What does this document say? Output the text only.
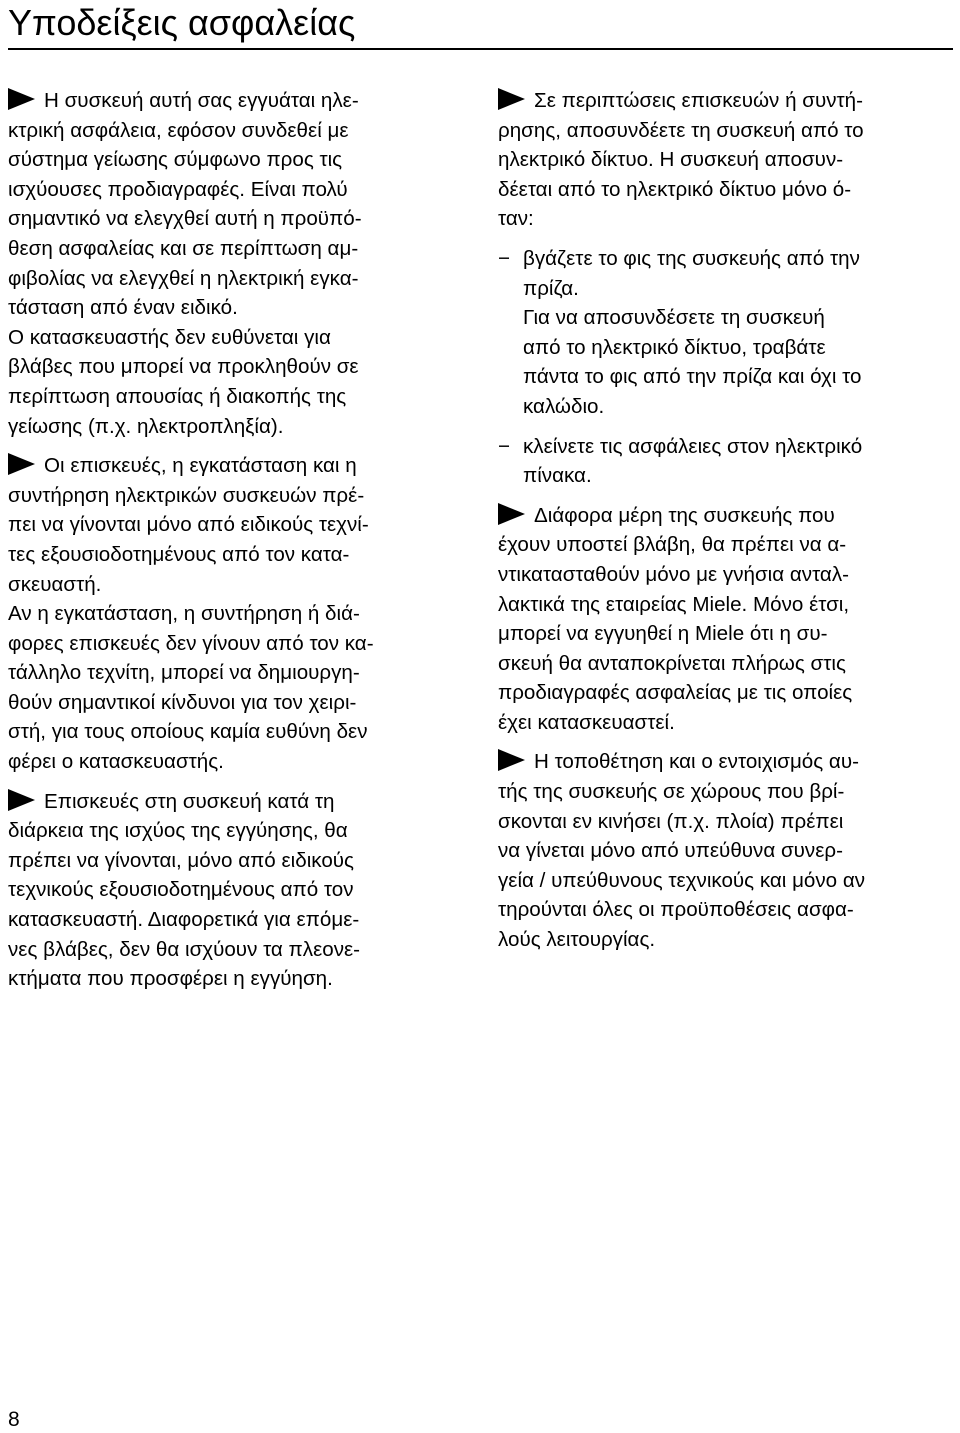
Υποδείξεις ασφαλείας

Η συσκευή αυτή σας εγγυάται ηλε-
κτρική ασφάλεια, εφόσον συνδεθεί με
σύστημα γείωσης σύμφωνο προς τις
ισχύουσες προδιαγραφές. Είναι πολύ
σημαντικό να ελεγχθεί αυτή η προϋπό-
θεση ασφαλείας και σε περίπτωση αμ-
φιβολίας να ελεγχθεί η ηλεκτρική εγκα-
τάσταση από έναν ειδικό.
Ο κατασκευαστής δεν ευθύνεται για
βλάβες που μπορεί να προκληθούν σε
περίπτωση απουσίας ή διακοπής της
γείωσης (π.χ. ηλεκτροπληξία).

Οι επισκευές, η εγκατάσταση και η
συντήρηση ηλεκτρικών συσκευών πρέ-
πει να γίνονται μόνο από ειδικούς τεχνί-
τες εξουσιοδοτημένους από τον κατα-
σκευαστή.

Αν η εγκατάσταση, η συντήρηση ή διά-
φορες επισκευές δεν γίνουν από τον κα-
τάλληλο τεχνίτη, μπορεί να δημιουργη-
θούν σημαντικοί κίνδυνοι για τον χειρι-
στή, για τους οποίους καμία ευθύνη δεν
φέρει ο κατασκευαστής.

Επισκευές στη συσκευή κατά τη
διάρκεια της ισχύος της εγγύησης, θα
πρέπει να γίνονται, μόνο από ειδικούς
τεχνικούς εξουσιοδοτημένους από τον
κατασκευαστή. Διαφορετικά για επόμε-
νες βλάβες, δεν θα ισχύουν τα πλεονε-
κτήματα που προσφέρει η εγγύηση.

Σε περιπτώσεις επισκευών ή συντή-
ρησης, αποσυνδέετε τη συσκευή από το
ηλεκτρικό δίκτυο. Η συσκευή αποσυν-
δέεται από το ηλεκτρικό δίκτυο μόνο ό-
ταν:

− βγάζετε το φις της συσκευής από την
πρίζα.
Για να αποσυνδέσετε τη συσκευή
από το ηλεκτρικό δίκτυο, τραβάτε
πάντα το φις από την πρίζα και όχι το
καλώδιο.
− κλείνετε τις ασφάλειες στον ηλεκτρικό
πίνακα.

Διάφορα μέρη της συσκευής που
έχουν υποστεί βλάβη, θα πρέπει να α-
ντικατασταθούν μόνο με γνήσια ανταλ-
λακτικά της εταιρείας Miele. Μόνο έτσι,
μπορεί να εγγυηθεί η Miele ότι η συ-
σκευή θα ανταποκρίνεται πλήρως στις
προδιαγραφές ασφαλείας με τις οποίες
έχει κατασκευαστεί.

Η τοποθέτηση και ο εντοιχισμός αυ-
τής της συσκευής σε χώρους που βρί-
σκονται εν κινήσει (π.χ. πλοία) πρέπει
να γίνεται μόνο από υπεύθυνα συνερ-
γεία / υπεύθυνους τεχνικούς και μόνο αν
τηρούνται όλες οι προϋποθέσεις ασφα-
λούς λειτουργίας.

8
